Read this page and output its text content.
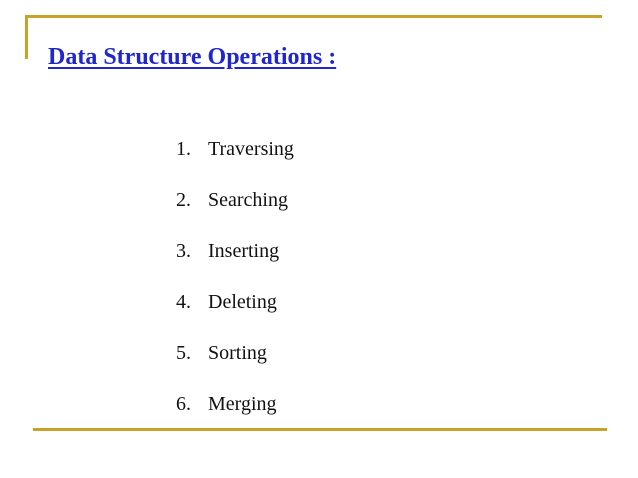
Data Structure Operations :
1. Traversing
2. Searching
3. Inserting
4. Deleting
5. Sorting
6. Merging
